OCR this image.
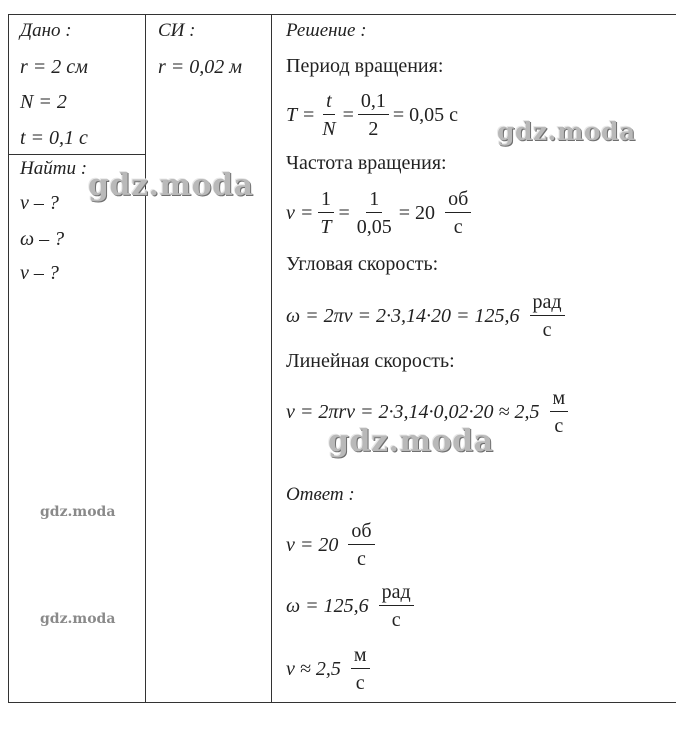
Дано :
r = 2 см
N = 2
t = 0,1 с
Найти :
ν – ?
ω – ?
v – ?
СИ :
r = 0,02 м
Решение :
Период вращения:
$T = \frac{t}{N} = \frac{0,1}{2} = 0,05$ с
Частота вращения:
$\nu = \frac{1}{T} = \frac{1}{0,05} = 20 \frac{об}{с}$
Угловая скорость:
$\omega = 2\pi\nu = 2\cdot 3,14\cdot 20 = 125,6 \frac{\text{рад}}{с}$
Линейная скорость:
$v = 2\pi r\nu = 2\cdot 3,14\cdot 0,02\cdot 20 \approx 2,5 \frac{м}{с}$
Ответ :
$\nu = 20 \frac{об}{с}$
$\omega = 125,6 \frac{\text{рад}}{с}$
$v \approx 2,5 \frac{м}{с}$
gdz.moda
gdz.moda
gdz.moda
gdz.moda
gdz.moda
